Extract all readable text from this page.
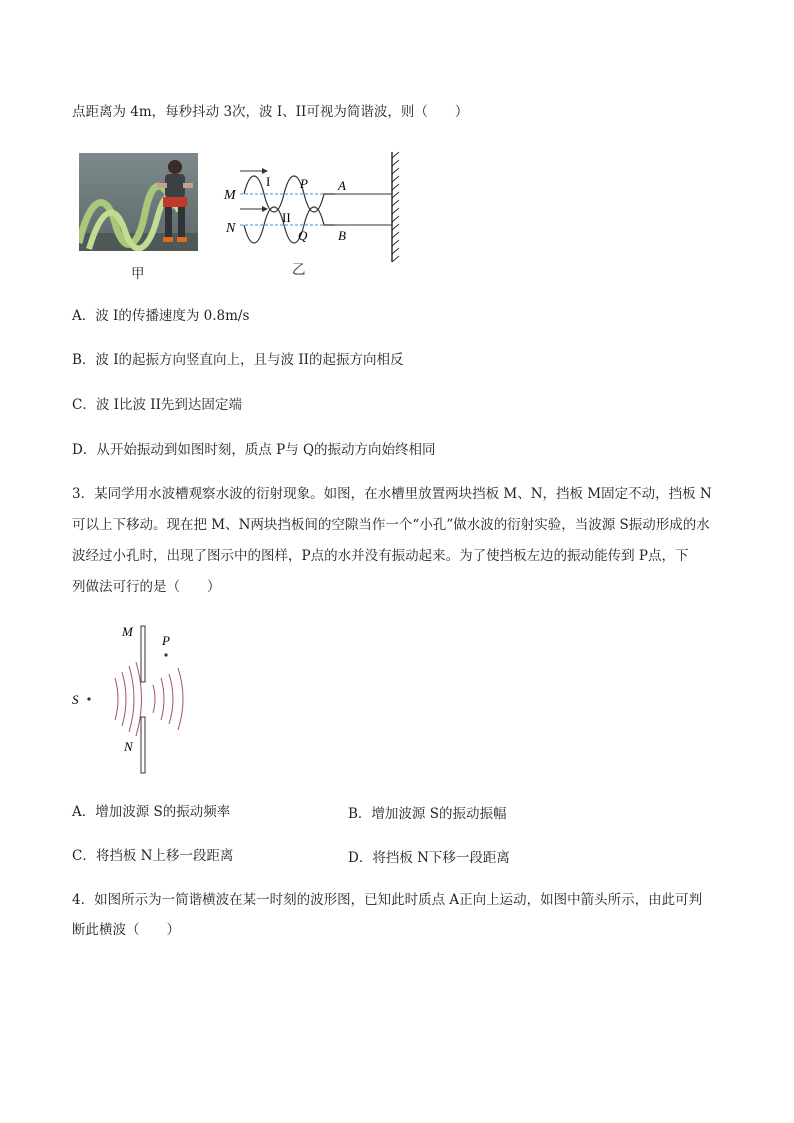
点距离为 4m，每秒抖动 3次，波 I、II可视为简谐波，则（　　）
甲
M
N
I
II
P
Q
A
B
乙
A．波 I的传播速度为 0.8m/s
B．波 I的起振方向竖直向上，且与波 II的起振方向相反
C．波 I比波 II先到达固定端
D．从开始振动到如图时刻，质点 P与 Q的振动方向始终相同
3．某同学用水波槽观察水波的衍射现象。如图，在水槽里放置两块挡板 M、N，挡板 M固定不动，挡板 N
可以上下移动。现在把 M、N两块挡板间的空隙当作一个“小孔”做水波的衍射实验，当波源 S振动形成的水
波经过小孔时，出现了图示中的图样，P点的水并没有振动起来。为了使挡板左边的振动能传到 P点，下
列做法可行的是（　　）
M
P
S
N
A．增加波源 S的振动频率	B．增加波源 S的振动振幅
C．将挡板 N上移一段距离	D．将挡板 N下移一段距离
4．如图所示为一简谐横波在某一时刻的波形图，已知此时质点 A正向上运动，如图中箭头所示，由此可判
断此横波（　　）
